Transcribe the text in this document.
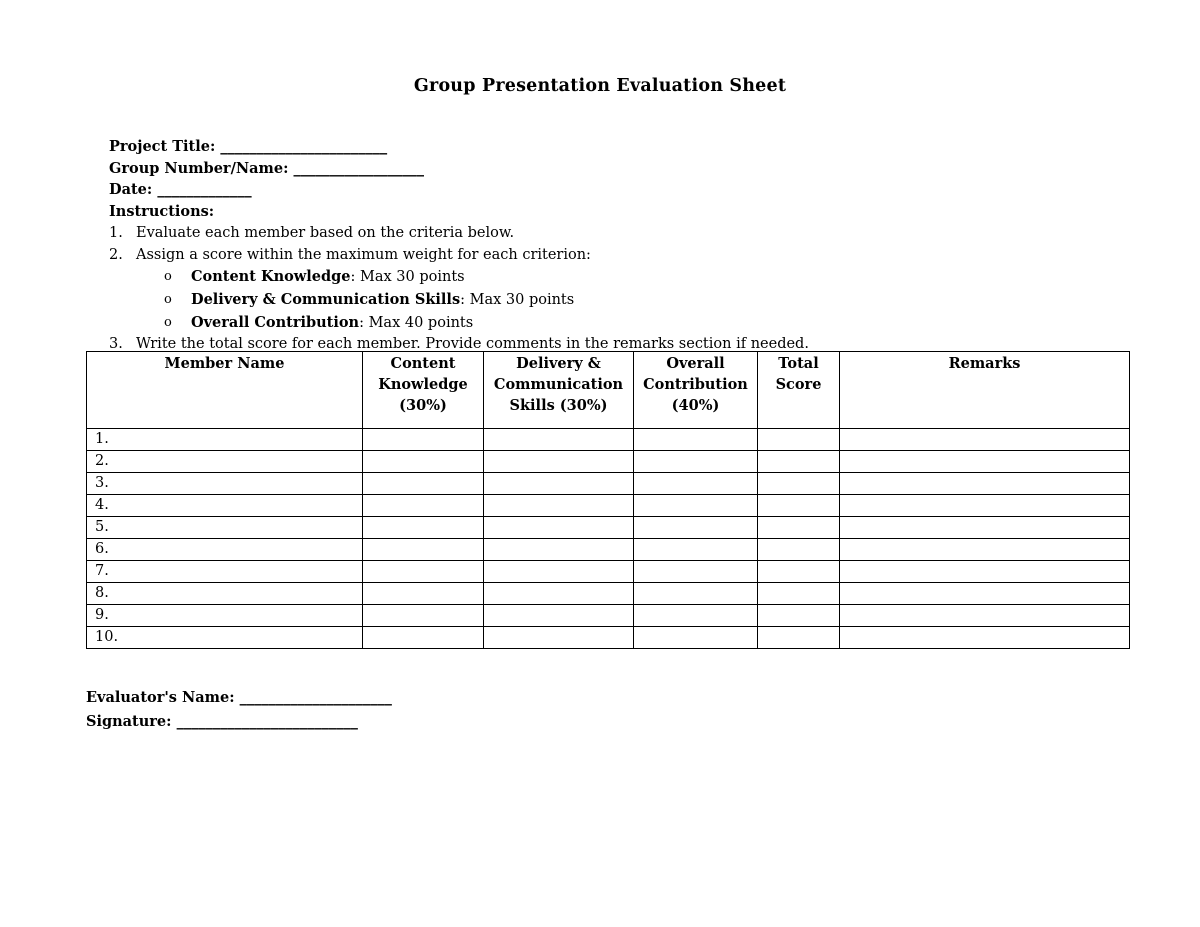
Group Presentation Evaluation Sheet
Project Title: _______________________
Group Number/Name: __________________
Date: _____________
Instructions:
1. Evaluate each member based on the criteria below.
2. Assign a score within the maximum weight for each criterion:
o Content Knowledge: Max 30 points
o Delivery & Communication Skills: Max 30 points
o Overall Contribution: Max 40 points
3. Write the total score for each member. Provide comments in the remarks section if needed.
Member Name	Content Knowledge (30%)	Delivery & Communication Skills (30%)	Overall Contribution (40%)	Total Score	Remarks
1.					
2.					
3.					
4.					
5.					
6.					
7.					
8.					
9.					
10.					
Evaluator's Name: _____________________
Signature: _________________________
